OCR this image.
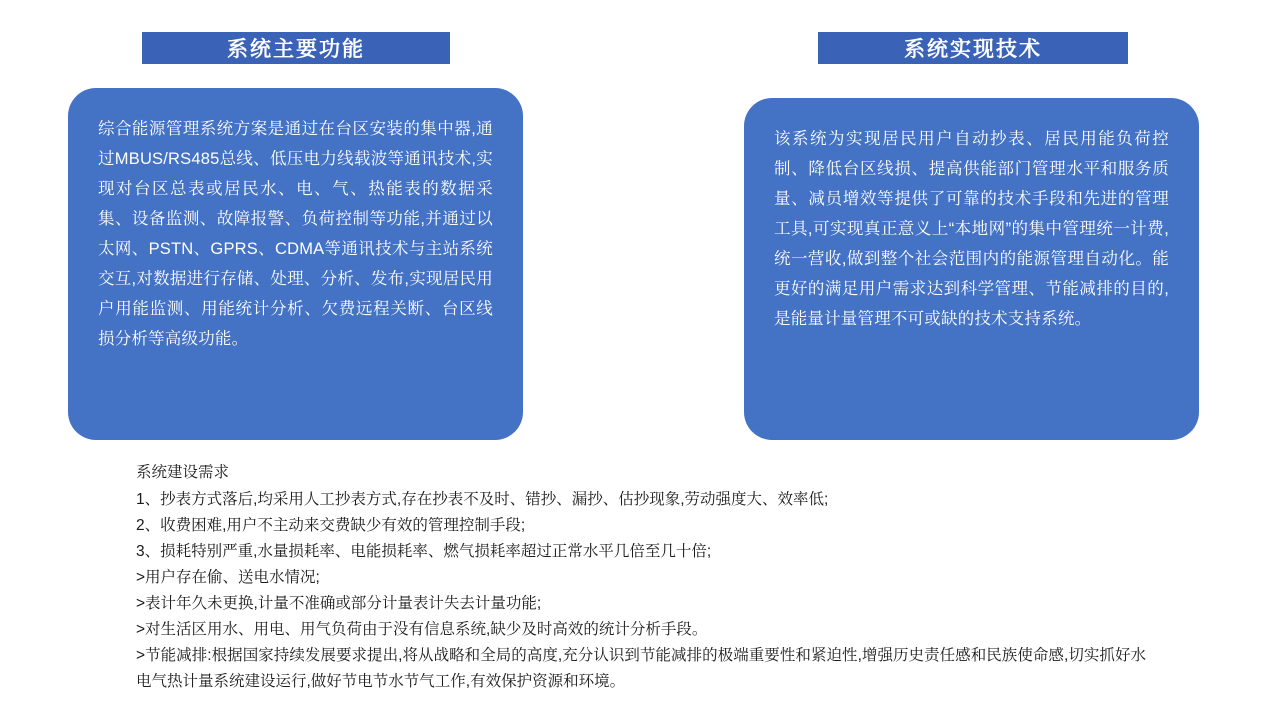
系统主要功能	系统实现技术

综合能源管理系统方案是通过在台区安装的集中器,通过MBUS/RS485总线、低压电力线载波等通讯技术,实现对台区总表或居民水、电、气、热能表的数据采集、设备监测、故障报警、负荷控制等功能,并通过以太网、PSTN、GPRS、CDMA等通讯技术与主站系统交互,对数据进行存储、处理、分析、发布,实现居民用户用能监测、用能统计分析、欠费远程关断、台区线损分析等高级功能。

该系统为实现居民用户自动抄表、居民用能负荷控制、降低台区线损、提高供能部门管理水平和服务质量、减员增效等提供了可靠的技术手段和先进的管理工具,可实现真正意义上“本地网”的集中管理统一计费,统一营收,做到整个社会范围内的能源管理自动化。能更好的满足用户需求达到科学管理、节能减排的目的,是能量计量管理不可或缺的技术支持系统。

系统建设需求

1、抄表方式落后,均采用人工抄表方式,存在抄表不及时、错抄、漏抄、估抄现象,劳动强度大、效率低;

2、收费困难,用户不主动来交费缺少有效的管理控制手段;

3、损耗特别严重,水量损耗率、电能损耗率、燃气损耗率超过正常水平几倍至几十倍;

>用户存在偷、送电水情况;

>表计年久未更换,计量不准确或部分计量表计失去计量功能;

>对生活区用水、用电、用气负荷由于没有信息系统,缺少及时高效的统计分析手段。

>节能减排:根据国家持续发展要求提出,将从战略和全局的高度,充分认识到节能减排的极端重要性和紧迫性,增强历史责任感和民族使命感,切实抓好水电气热计量系统建设运行,做好节电节水节气工作,有效保护资源和环境。
